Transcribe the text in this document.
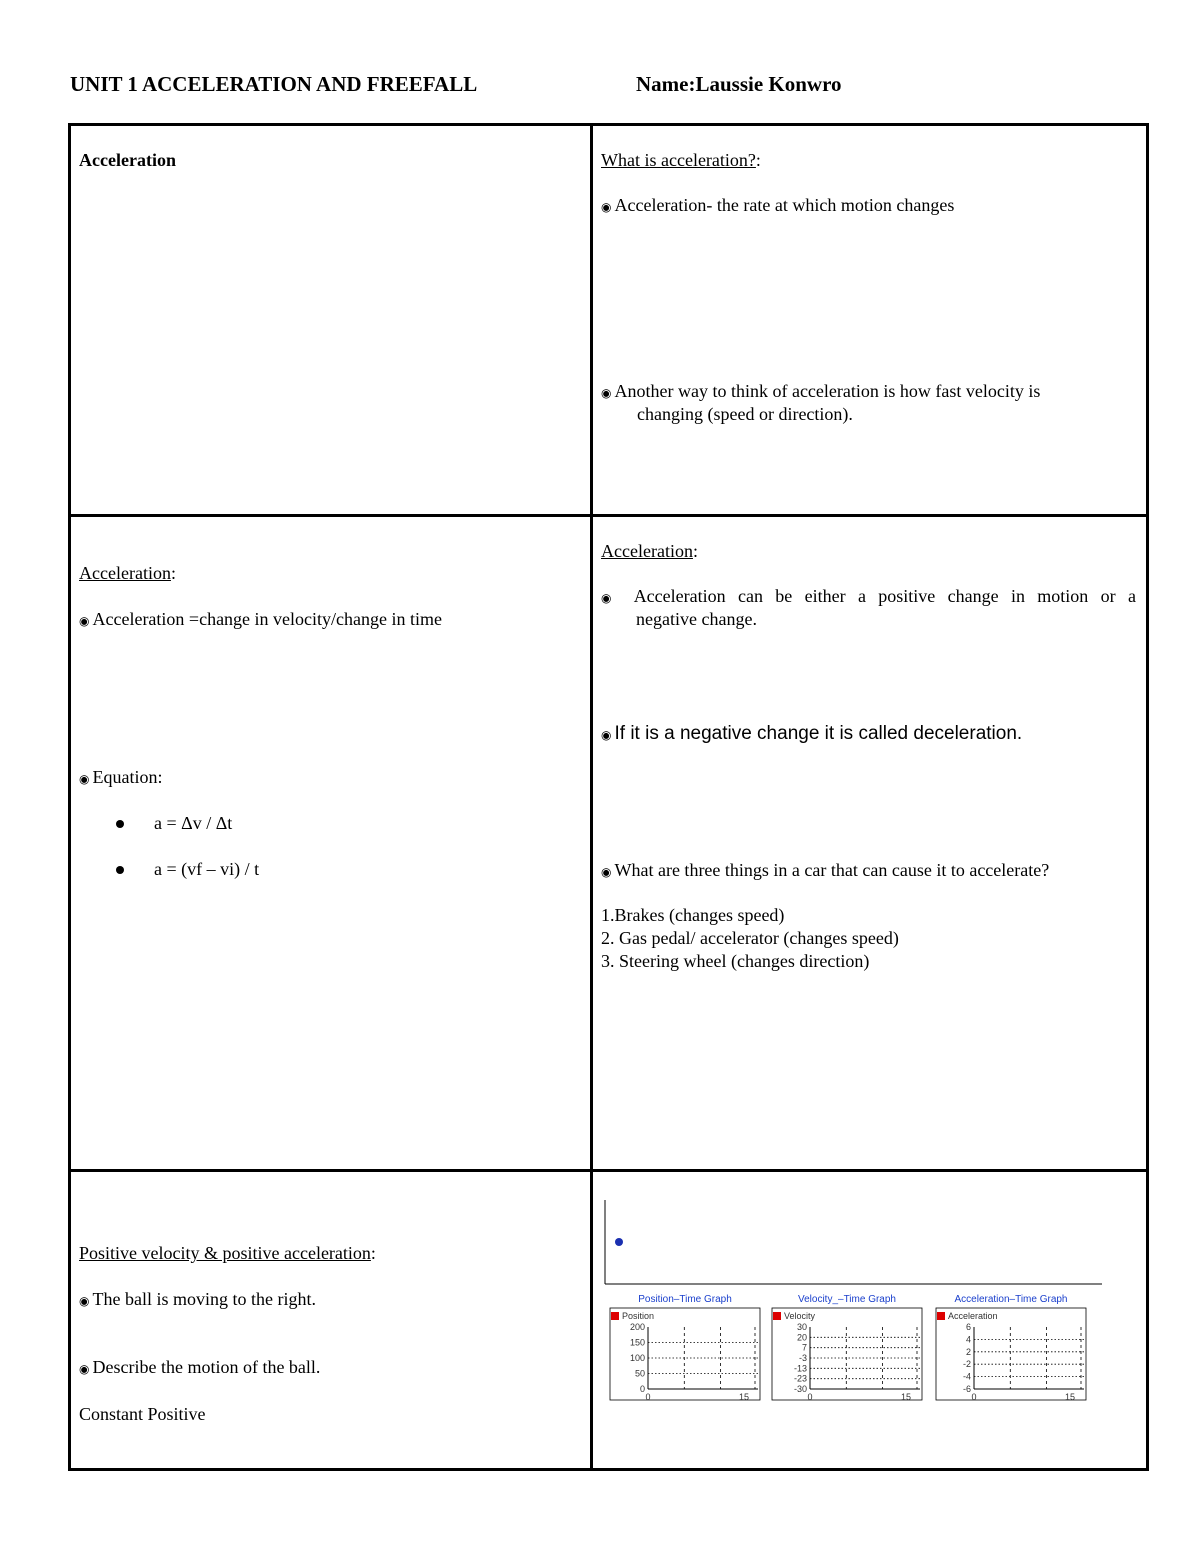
UNIT 1 ACCELERATION AND FREEFALL	Name:Laussie Konwro
Acceleration	What is acceleration?:
◉ Acceleration- the rate at which motion changes
◉ Another way to think of acceleration is how fast velocity is
changing (speed or direction).
Acceleration:
◉ Acceleration =change in velocity/change in time
◉ Equation:
a = Δv / Δt
a = (vf – vi) / t
Acceleration:
◉ Acceleration can be either a positive change in motion or a
negative change.
◉ If it is a negative change it is called deceleration.
◉ What are three things in a car that can cause it to accelerate?
1.Brakes (changes speed)
2. Gas pedal/ accelerator (changes speed)
3. Steering wheel (changes direction)
Positive velocity & positive acceleration:
◉ The ball is moving to the right.
◉ Describe the motion of the ball.
Constant Positive
Position–Time Graph
Position
200
150
100
50
0
0	15
Velocity_–Time Graph
Velocity
30
20
7
-3
-13
-23
-30
0	15
Acceleration–Time Graph
Acceleration
6
4
2
-2
-4
-6
0	15
